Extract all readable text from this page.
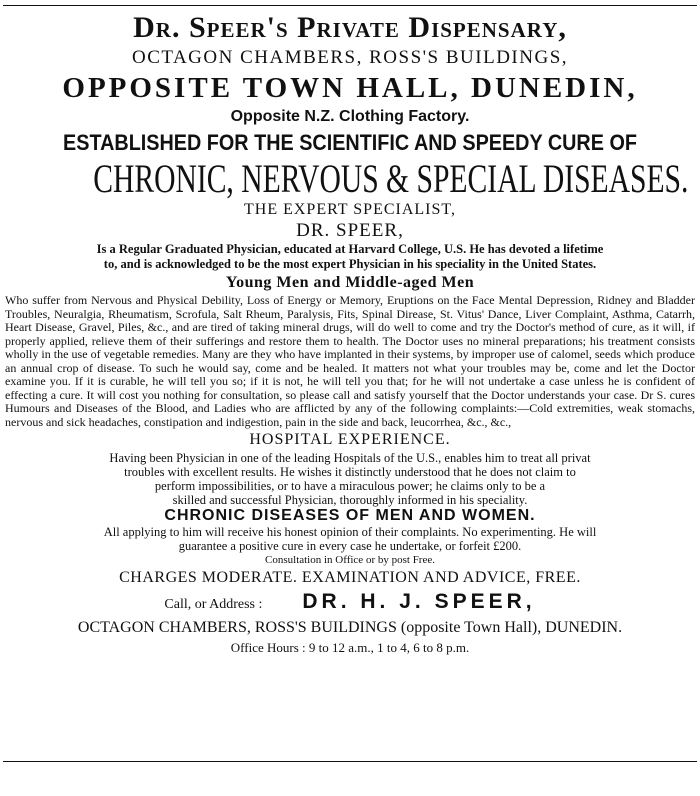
Dr. Speer's Private Dispensary,
OCTAGON CHAMBERS, ROSS'S BUILDINGS,
OPPOSITE TOWN HALL, DUNEDIN,
Opposite N.Z. Clothing Factory.
ESTABLISHED FOR THE SCIENTIFIC AND SPEEDY CURE OF
CHRONIC, NERVOUS & SPECIAL DISEASES.
THE EXPERT SPECIALIST,
DR. SPEER,
Is a Regular Graduated Physician, educated at Harvard College, U.S. He has devoted a lifetime
to, and is acknowledged to be the most expert Physician in his speciality in the United States.
Young Men and Middle-aged Men
Who suffer from Nervous and Physical Debility, Loss of Energy or Memory, Eruptions on the Face Mental Depression, Ridney and Bladder Troubles, Neuralgia, Rheumatism, Scrofula, Salt Rheum, Paralysis, Fits, Spinal Direase, St. Vitus' Dance, Liver Complaint, Asthma, Catarrh, Heart Disease, Gravel, Piles, &c., and are tired of taking mineral drugs, will do well to come and try the Doctor's method of cure, as it will, if properly applied, relieve them of their sufferings and restore them to health. The Doctor uses no mineral preparations; his treatment consists wholly in the use of vegetable remedies. Many are they who have implanted in their systems, by improper use of calomel, seeds which produce an annual crop of disease. To such he would say, come and be healed. It matters not what your troubles may be, come and let the Doctor examine you. If it is curable, he will tell you so; if it is not, he will tell you that; for he will not undertake a case unless he is confident of effecting a cure. It will cost you nothing for consultation, so please call and satisfy yourself that the Doctor understands your case. Dr S. cures Humours and Diseases of the Blood, and Ladies who are afflicted by any of the following complaints:—Cold extremities, weak stomachs, nervous and sick headaches, constipation and indigestion, pain in the side and back, leucorrhea, &c., &c.,
HOSPITAL EXPERIENCE.
Having been Physician in one of the leading Hospitals of the U.S., enables him to treat all privat
troubles with excellent results. He wishes it distinctly understood that he does not claim to
perform impossibilities, or to have a miraculous power; he claims only to be a
skilled and successful Physician, thoroughly informed in his speciality.
CHRONIC DISEASES OF MEN AND WOMEN.
All applying to him will receive his honest opinion of their complaints. No experimenting. He will
guarantee a positive cure in every case he undertake, or forfeit £200.
Consultation in Office or by post Free.
CHARGES MODERATE. EXAMINATION AND ADVICE, FREE.
Call, or Address : DR. H. J. SPEER,
OCTAGON CHAMBERS, ROSS'S BUILDINGS (opposite Town Hall), DUNEDIN.
Office Hours : 9 to 12 a.m., 1 to 4, 6 to 8 p.m.
